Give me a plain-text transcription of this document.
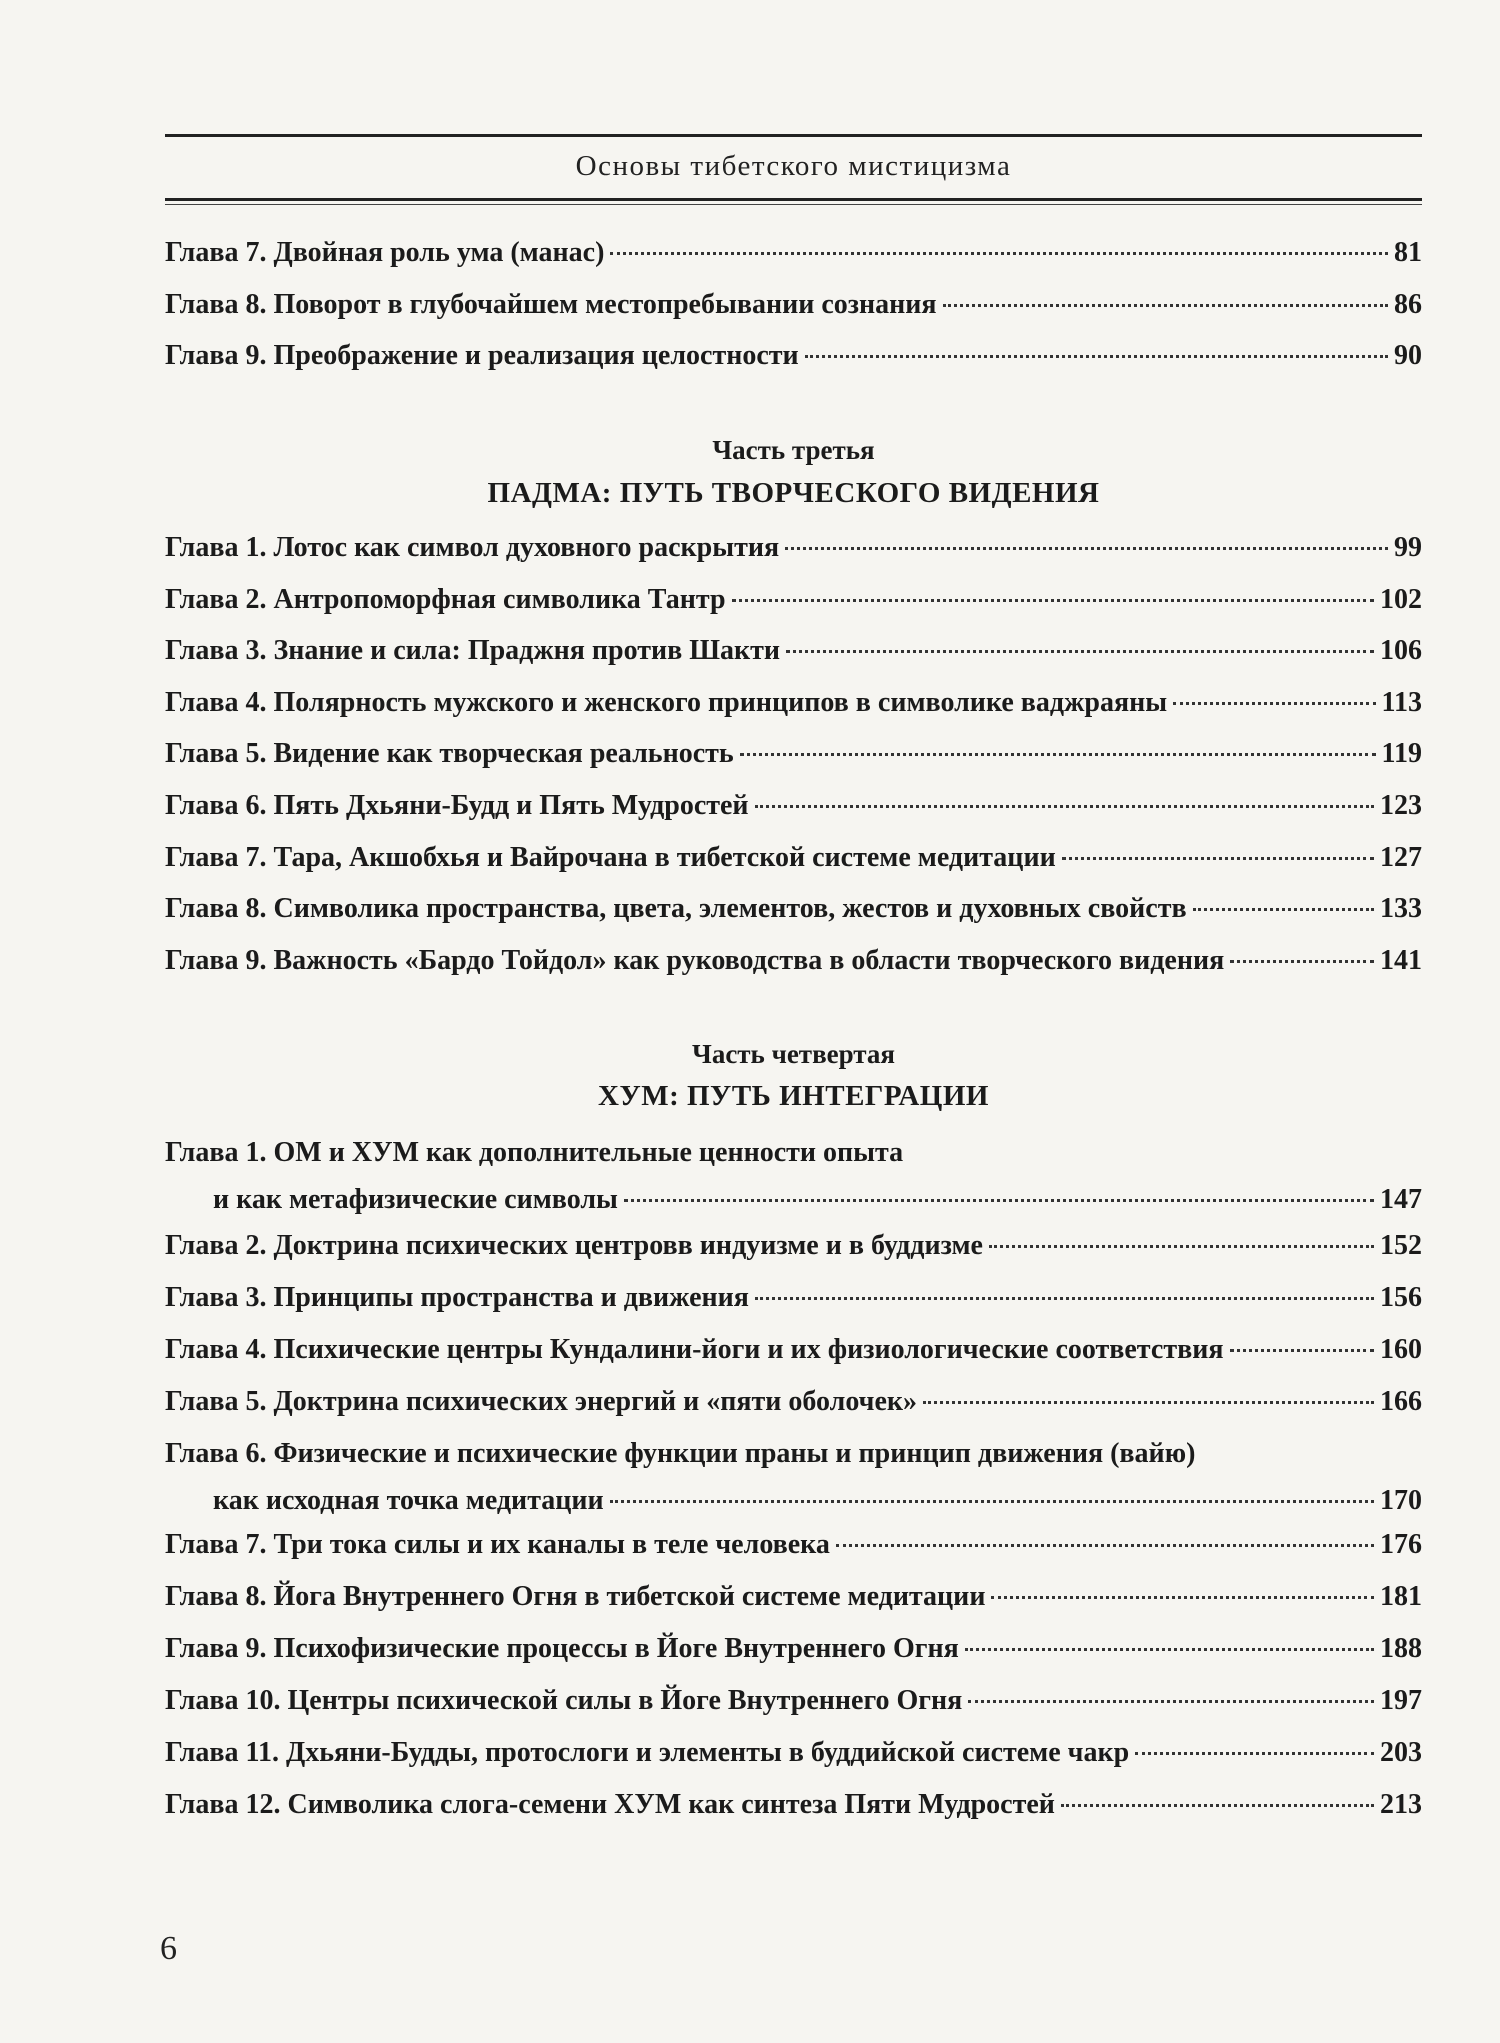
Основы тибетского мистицизма
Глава 7. Двойная роль ума (манас)	81
Глава 8. Поворот в глубочайшем местопребывании сознания	86
Глава 9. Преображение и реализация целостности	90
Часть третья
ПАДМА: ПУТЬ ТВОРЧЕСКОГО ВИДЕНИЯ
Глава 1. Лотос как символ духовного раскрытия	99
Глава 2. Антропоморфная символика Тантр	102
Глава 3. Знание и сила: Праджня против Шакти	106
Глава 4. Полярность мужского и женского принципов в символике ваджраяны	113
Глава 5. Видение как творческая реальность	119
Глава 6. Пять Дхьяни-Будд и Пять Мудростей	123
Глава 7. Тара, Акшобхья и Вайрочана в тибетской системе медитации	127
Глава 8. Символика пространства, цвета, элементов, жестов и духовных свойств	133
Глава 9. Важность «Бардо Тойдол» как руководства в области творческого видения	141
Часть четвертая
ХУМ: ПУТЬ ИНТЕГРАЦИИ
Глава 1. ОМ и ХУМ как дополнительные ценности опыта
и как метафизические символы	147
Глава 2. Доктрина психических центровв индуизме и в буддизме	152
Глава 3. Принципы пространства и движения	156
Глава 4. Психические центры Кундалини-йоги и их физиологические соответствия	160
Глава 5. Доктрина психических энергий и «пяти оболочек»	166
Глава 6. Физические и психические функции праны и принцип движения (вайю)
как исходная точка медитации	170
Глава 7. Три тока силы и их каналы в теле человека	176
Глава 8. Йога Внутреннего Огня в тибетской системе медитации	181
Глава 9. Психофизические процессы в Йоге Внутреннего Огня	188
Глава 10. Центры психической силы в Йоге Внутреннего Огня	197
Глава 11. Дхьяни-Будды, протослоги и элементы в буддийской системе чакр	203
Глава 12. Символика слога-семени ХУМ как синтеза Пяти Мудростей	213
6
